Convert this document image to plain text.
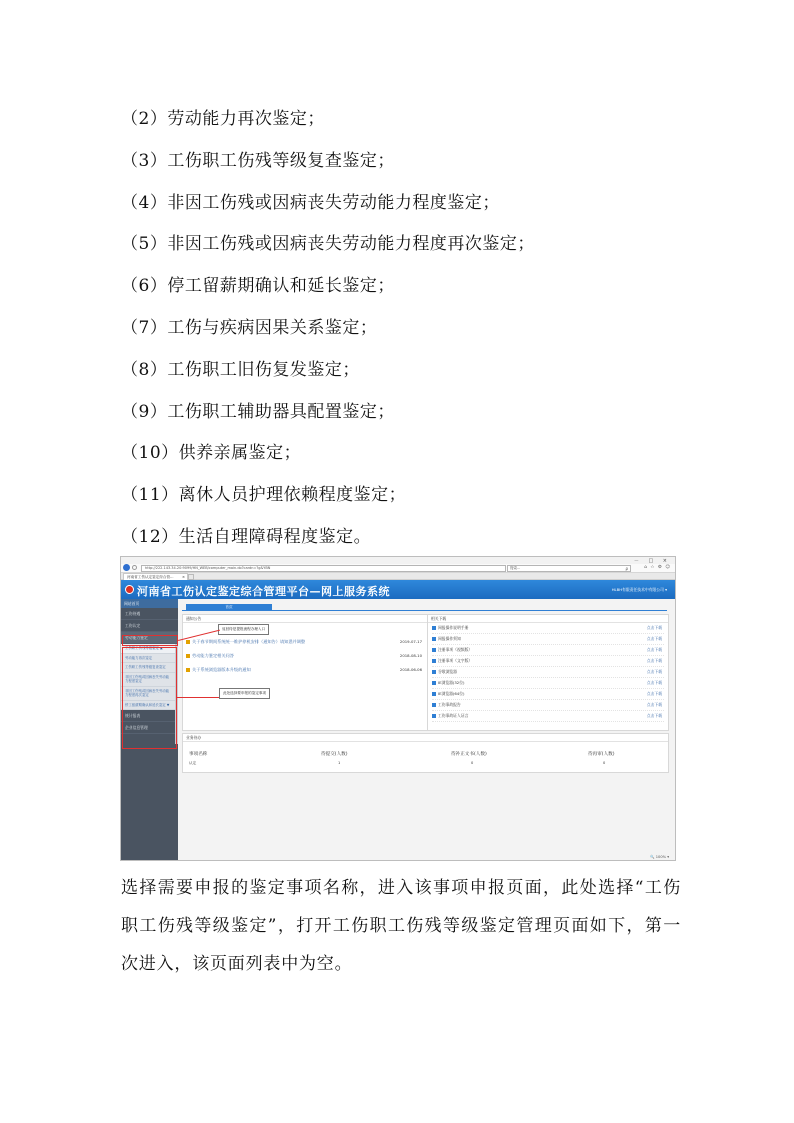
（2）劳动能力再次鉴定；
（3）工伤职工伤残等级复查鉴定；
（4）非因工伤残或因病丧失劳动能力程度鉴定；
（5）非因工伤残或因病丧失劳动能力程度再次鉴定；
（6）停工留薪期确认和延长鉴定；
（7）工伤与疾病因果关系鉴定；
（8）工伤职工旧伤复发鉴定；
（9）工伤职工辅助器具配置鉴定；
（10）供养亲属鉴定；
（11）离休人员护理依赖程度鉴定；
（12）生活自理障碍程度鉴定。
－ □ ×
http://222.143.34.20:9099/HN_WEB/computer_main.do?cardn=?g&YBN	搜索...	ρ	⌂ ☆ ⚙ ☺
河南省工伤认定鉴定综合管... ×
河南省工伤认定鉴定综合管理平台—网上服务系统	HLBH有限责任技术中有限公司 ▾
网站首页
工伤待遇
工伤认定
劳动能力鉴定
工伤职工伤残等级鉴定 ▲
劳动能力再次鉴定
工伤职工伤残等级复查鉴定
非因工伤残或因病丧失劳动能力程度鉴定
非因工伤残或因病丧失劳动能力程度再次鉴定
停工留薪期确认和延长鉴定 ▼
统计报表
企业信息管理
首页
通知公告
关于春节期间系统统一维护停机安排（通知告）请知悉并调整	2019-07-17
劳动能力鉴定相关问答	2018-08-10
关于系统浏览器版本升级的通知	2018-06-06
相关下载
网报操作说明手册	点击下载
网报操作须知	点击下载
注册事项（视频版）	点击下载
注册事项（文字版）	点击下载
谷歌浏览器	点击下载
IE浏览器(32位)	点击下载
IE浏览器(64位)	点击下载
工伤事故报告	点击下载
工伤事故证人证言	点击下载
业务待办
事项名称	待提交(人数)	待补正文书(人数)	待再审(人数)
认定	1	0	0
返回待是提报流程办理入口
此处选择要申报的鉴定事项
🔍 100% ▾
选择需要申报的鉴定事项名称，进入该事项申报页面，此处选择“工伤职工伤残等级鉴定”，打开工伤职工伤残等级鉴定管理页面如下，第一次进入，该页面列表中为空。
